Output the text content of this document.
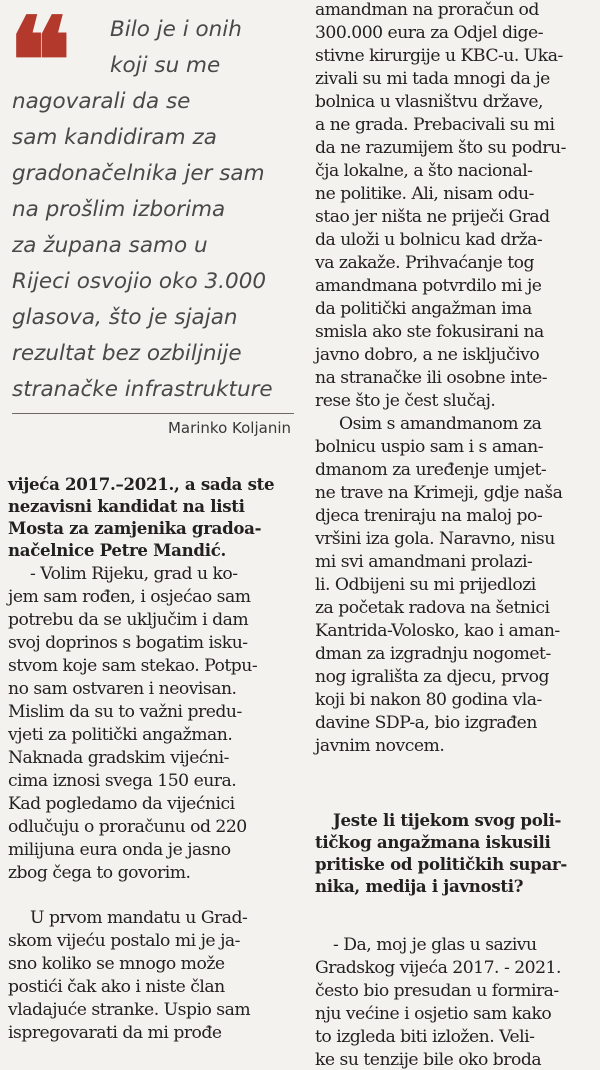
❝	Bilo je i onih
koji su me
nagovarali da se
sam kandidiram za
gradonačelnika jer sam
na prošlim izborima
za župana samo u
Rijeci osvojio oko 3.000
glasova, što je sjajan
rezultat bez ozbiljnije
stranačke infrastrukture
Marinko Koljanin
vijeća 2017.–2021., a sada ste
nezavisni kandidat na listi
Mosta za zamjenika gradoa-
načelnice Petre Mandić.
- Volim Rijeku, grad u ko-
jem sam rođen, i osjećao sam
potrebu da se uključim i dam
svoj doprinos s bogatim isku-
stvom koje sam stekao. Potpu-
no sam ostvaren i neovisan.
Mislim da su to važni predu-
vjeti za politički angažman.
Naknada gradskim vijećni-
cima iznosi svega 150 eura.
Kad pogledamo da vijećnici
odlučuju o proračunu od 220
milijuna eura onda je jasno
zbog čega to govorim.
U prvom mandatu u Grad-
skom vijeću postalo mi je ja-
sno koliko se mnogo može
postići čak ako i niste član
vladajuće stranke. Uspio sam
ispregovarati da mi prođe
amandman na proračun od
300.000 eura za Odjel dige-
stivne kirurgije u KBC-u. Uka-
zivali su mi tada mnogi da je
bolnica u vlasništvu države,
a ne grada. Prebacivali su mi
da ne razumijem što su podru-
čja lokalne, a što nacional-
ne politike. Ali, nisam odu-
stao jer ništa ne priječi Grad
da uloži u bolnicu kad drža-
va zakaže. Prihvaćanje tog
amandmana potvrdilo mi je
da politički angažman ima
smisla ako ste fokusirani na
javno dobro, a ne isključivo
na stranačke ili osobne inte-
rese što je čest slučaj.
Osim s amandmanom za
bolnicu uspio sam i s aman-
dmanom za uređenje umjet-
ne trave na Krimeji, gdje naša
djeca treniraju na maloj po-
vršini iza gola. Naravno, nisu
mi svi amandmani prolazi-
li. Odbijeni su mi prijedlozi
za početak radova na šetnici
Kantrida-Volosko, kao i aman-
dman za izgradnju nogomet-
nog igrališta za djecu, prvog
koji bi nakon 80 godina vla-
davine SDP-a, bio izgrađen
javnim novcem.
Jeste li tijekom svog poli-
tičkog angažmana iskusili
pritiske od političkih supar-
nika, medija i javnosti?
- Da, moj je glas u sazivu
Gradskog vijeća 2017. - 2021.
često bio presudan u formira-
nju većine i osjetio sam kako
to izgleda biti izložen. Veli-
ke su tenzije bile oko broda
